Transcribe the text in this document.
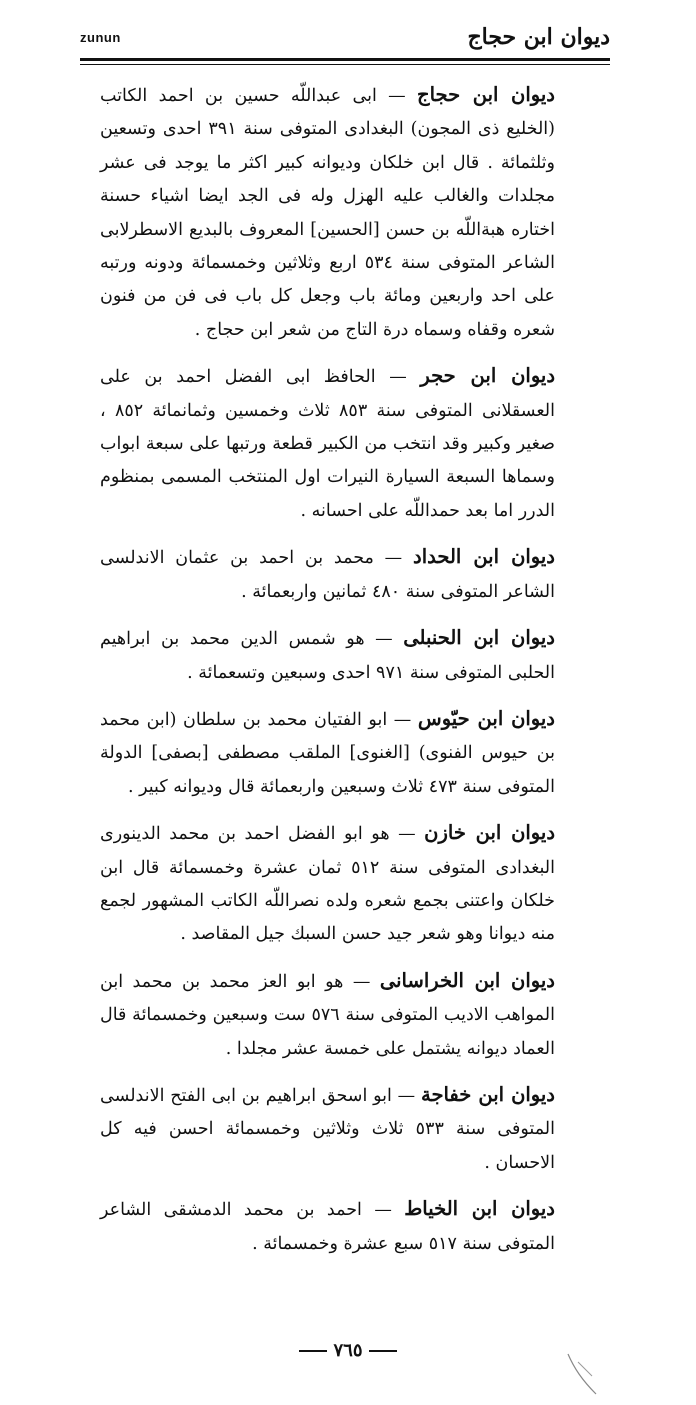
ديوان ابن حجاج
zunun

ديوان ابن حجاج — ابى عبداللّه حسين بن احمد الكاتب (الخليع ذى المجون) البغدادى المتوفى سنة ٣٩١ احدى وتسعين وثلثمائة . قال ابن خلكان وديوانه كبير اكثر ما يوجد فى عشر مجلدات والغالب عليه الهزل وله فى الجد ايضا اشياء حسنة اختاره هبةاللّه بن حسن [الحسين] المعروف بالبديع الاسطرلابى الشاعر المتوفى سنة ٥٣٤ اربع وثلاثين وخمسمائة ودونه ورتبه على احد واربعين ومائة باب وجعل كل باب فى فن من فنون شعره وقفاه وسماه درة التاج من شعر ابن حجاج .

ديوان ابن حجر — الحافظ ابى الفضل احمد بن على العسقلانى المتوفى سنة ٨٥٣ ثلاث وخمسين وثمانمائة ٨٥٢ ، صغير وكبير وقد انتخب من الكبير قطعة ورتبها على سبعة ابواب وسماها السبعة السيارة النيرات اول المنتخب المسمى بمنظوم الدرر اما بعد حمداللّه على احسانه .

ديوان ابن الحداد — محمد بن احمد بن عثمان الاندلسى الشاعر المتوفى سنة ٤٨٠ ثمانين واربعمائة .

ديوان ابن الحنبلى — هو شمس الدين محمد بن ابراهيم الحلبى المتوفى سنة ٩٧١ احدى وسبعين وتسعمائة .

ديوان ابن حيّوس — ابو الفتيان محمد بن سلطان (ابن محمد بن حيوس الفنوى) [الغنوى] الملقب مصطفى [بصفى] الدولة المتوفى سنة ٤٧٣ ثلاث وسبعين واربعمائة قال وديوانه كبير .

ديوان ابن خازن — هو ابو الفضل احمد بن محمد الدينورى البغدادى المتوفى سنة ٥١٢ ثمان عشرة وخمسمائة قال ابن خلكان واعتنى بجمع شعره ولده نصراللّه الكاتب المشهور لجمع منه ديوانا وهو شعر جيد حسن السبك جيل المقاصد .

ديوان ابن الخراسانى — هو ابو العز محمد بن محمد ابن المواهب الاديب المتوفى سنة ٥٧٦ ست وسبعين وخمسمائة قال العماد ديوانه يشتمل على خمسة عشر مجلدا .

ديوان ابن خفاجة — ابو اسحق ابراهيم بن ابى الفتح الاندلسى المتوفى سنة ٥٣٣ ثلاث وثلاثين وخمسمائة احسن فيه كل الاحسان .

ديوان ابن الخياط — احمد بن محمد الدمشقى الشاعر المتوفى سنة ٥١٧ سبع عشرة وخمسمائة .

٧٦٥
